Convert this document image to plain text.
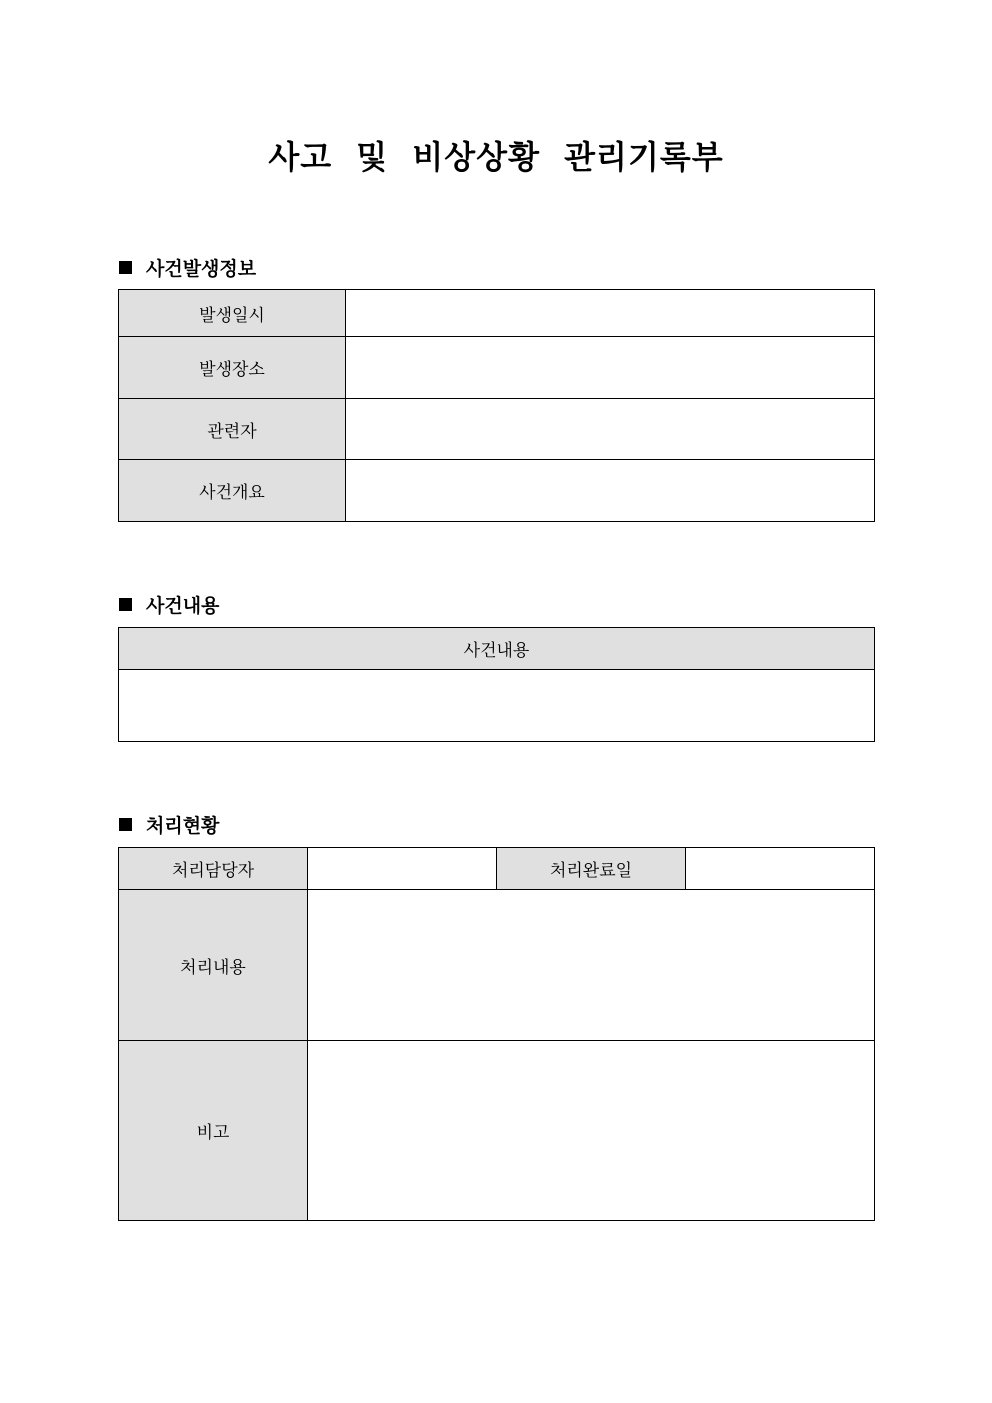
사고 및 비상상황 관리기록부
사건발생정보
발생일시	
발생장소	
관련자	
사건개요	
사건내용
사건내용

처리현황
처리담당자		처리완료일	
처리내용			
비고			
